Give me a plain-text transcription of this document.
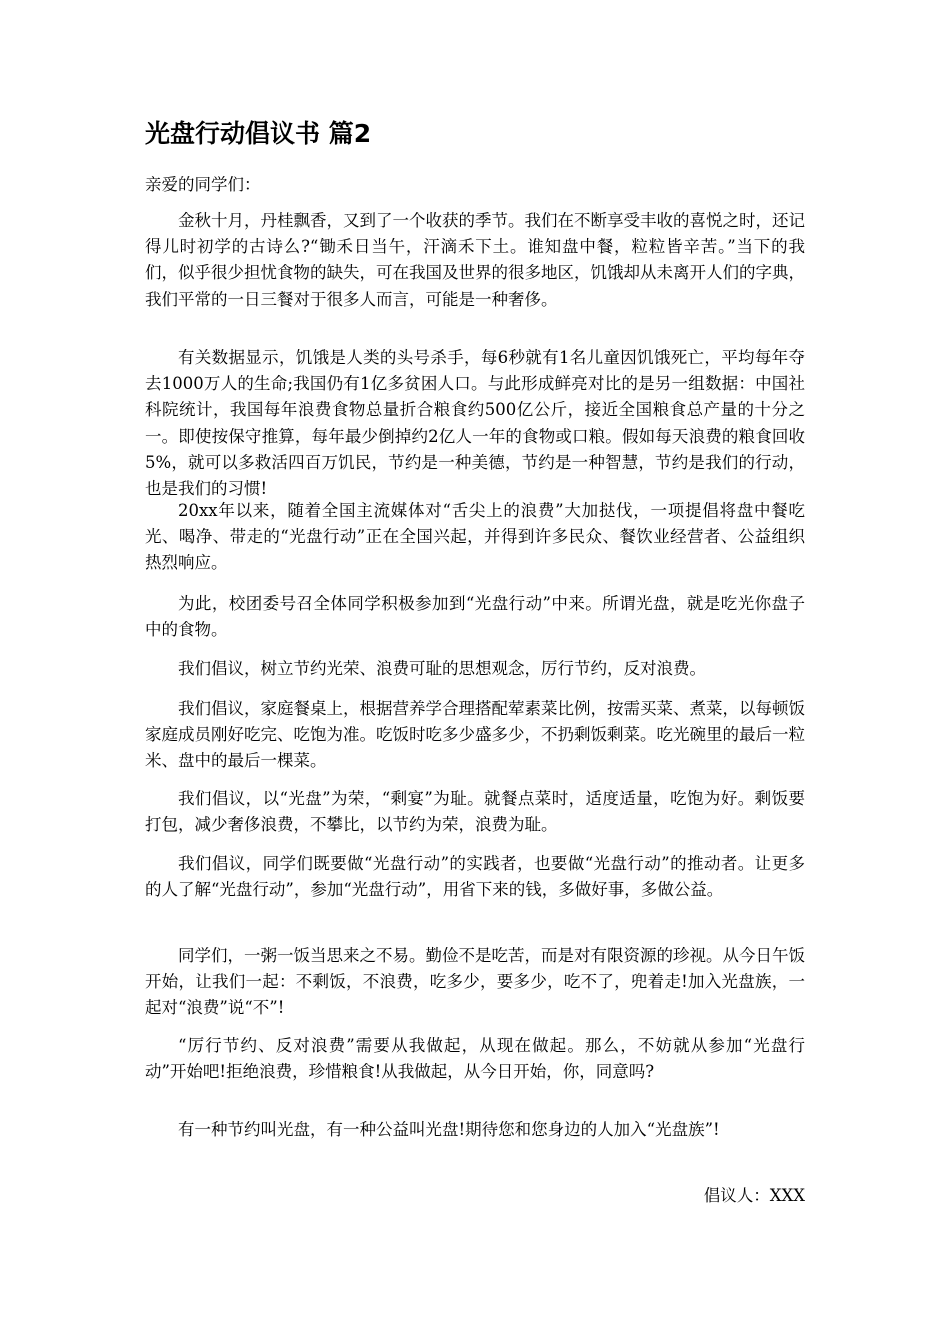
光盘行动倡议书 篇2

亲爱的同学们：

金秋十月，丹桂飘香，又到了一个收获的季节。我们在不断享受丰收的喜悦之时，还记得儿时初学的古诗么?“锄禾日当午，汗滴禾下土。谁知盘中餐，粒粒皆辛苦。”当下的我们，似乎很少担忧食物的缺失，可在我国及世界的很多地区，饥饿却从未离开人们的字典，我们平常的一日三餐对于很多人而言，可能是一种奢侈。

有关数据显示，饥饿是人类的头号杀手，每6秒就有1名儿童因饥饿死亡，平均每年夺去1000万人的生命;我国仍有1亿多贫困人口。与此形成鲜亮对比的是另一组数据：中国社科院统计，我国每年浪费食物总量折合粮食约500亿公斤，接近全国粮食总产量的十分之一。即使按保守推算，每年最少倒掉约2亿人一年的食物或口粮。假如每天浪费的粮食回收5%，就可以多救活四百万饥民，节约是一种美德，节约是一种智慧，节约是我们的行动，也是我们的习惯!

20xx年以来，随着全国主流媒体对“舌尖上的浪费”大加挞伐，一项提倡将盘中餐吃光、喝净、带走的“光盘行动”正在全国兴起，并得到许多民众、餐饮业经营者、公益组织热烈响应。

为此，校团委号召全体同学积极参加到“光盘行动”中来。所谓光盘，就是吃光你盘子中的食物。

我们倡议，树立节约光荣、浪费可耻的思想观念，厉行节约，反对浪费。

我们倡议，家庭餐桌上，根据营养学合理搭配荤素菜比例，按需买菜、煮菜，以每顿饭家庭成员刚好吃完、吃饱为准。吃饭时吃多少盛多少，不扔剩饭剩菜。吃光碗里的最后一粒米、盘中的最后一棵菜。

我们倡议，以“光盘”为荣，“剩宴”为耻。就餐点菜时，适度适量，吃饱为好。剩饭要打包，减少奢侈浪费，不攀比，以节约为荣，浪费为耻。

我们倡议，同学们既要做“光盘行动”的实践者，也要做“光盘行动”的推动者。让更多的人了解“光盘行动”，参加“光盘行动”，用省下来的钱，多做好事，多做公益。

同学们，一粥一饭当思来之不易。勤俭不是吃苦，而是对有限资源的珍视。从今日午饭开始，让我们一起：不剩饭，不浪费，吃多少，要多少，吃不了，兜着走!加入光盘族，一起对“浪费”说“不”!

“厉行节约、反对浪费”需要从我做起，从现在做起。那么，不妨就从参加“光盘行动”开始吧!拒绝浪费，珍惜粮食!从我做起，从今日开始，你，同意吗?

有一种节约叫光盘，有一种公益叫光盘!期待您和您身边的人加入“光盘族”!

倡议人：XXX
